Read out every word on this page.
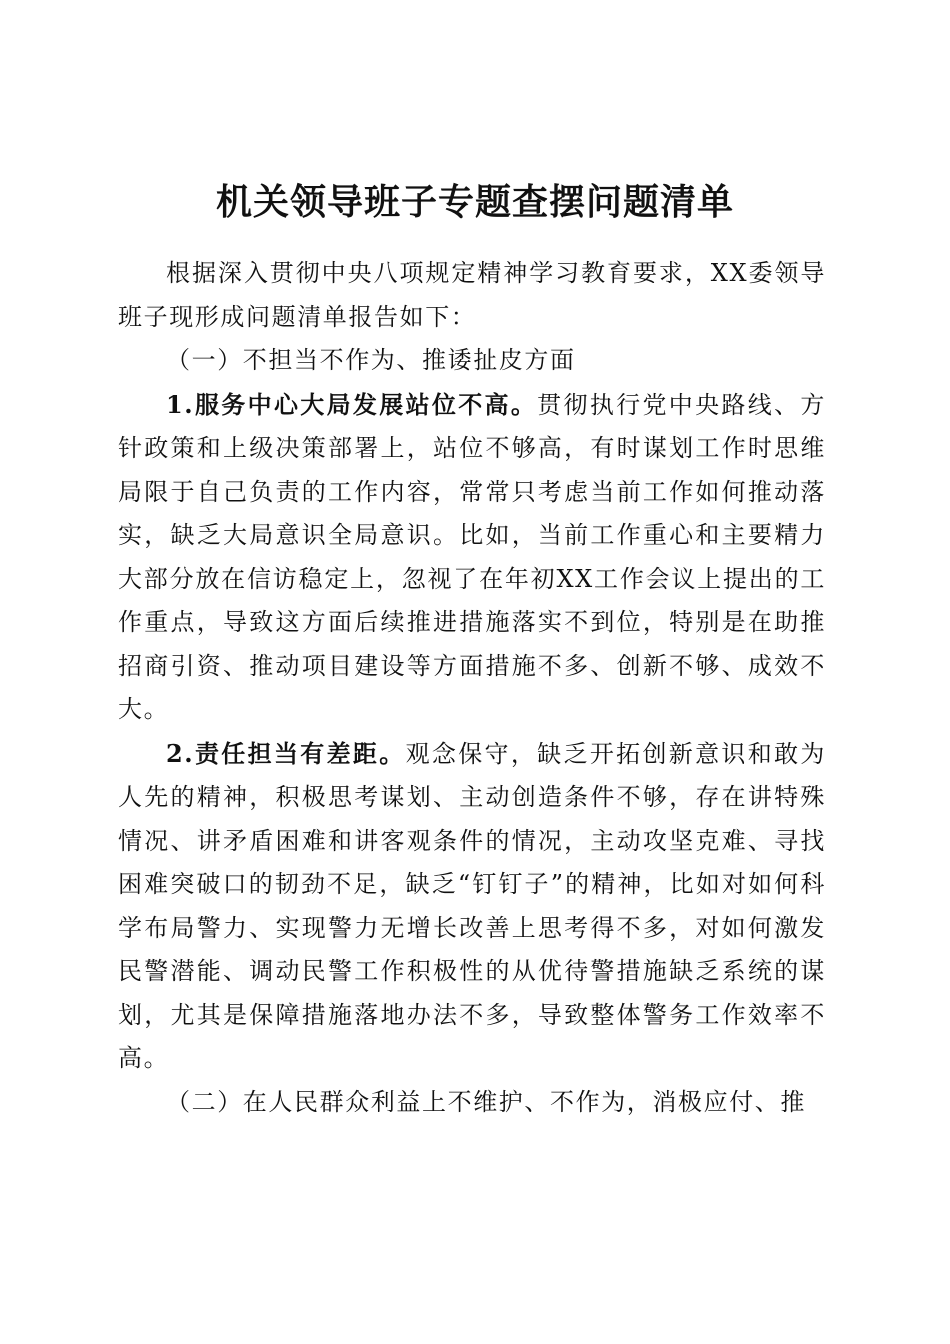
机关领导班子专题查摆问题清单

根据深入贯彻中央八项规定精神学习教育要求，XX委领导班子现形成问题清单报告如下：

（一）不担当不作为、推诿扯皮方面

1.服务中心大局发展站位不高。贯彻执行党中央路线、方针政策和上级决策部署上，站位不够高，有时谋划工作时思维局限于自己负责的工作内容，常常只考虑当前工作如何推动落实，缺乏大局意识全局意识。比如，当前工作重心和主要精力大部分放在信访稳定上，忽视了在年初XX工作会议上提出的工作重点，导致这方面后续推进措施落实不到位，特别是在助推招商引资、推动项目建设等方面措施不多、创新不够、成效不大。

2.责任担当有差距。观念保守，缺乏开拓创新意识和敢为人先的精神，积极思考谋划、主动创造条件不够，存在讲特殊情况、讲矛盾困难和讲客观条件的情况，主动攻坚克难、寻找困难突破口的韧劲不足，缺乏“钉钉子”的精神，比如对如何科学布局警力、实现警力无增长改善上思考得不多，对如何激发民警潜能、调动民警工作积极性的从优待警措施缺乏系统的谋划，尤其是保障措施落地办法不多，导致整体警务工作效率不高。

（二）在人民群众利益上不维护、不作为，消极应付、推
